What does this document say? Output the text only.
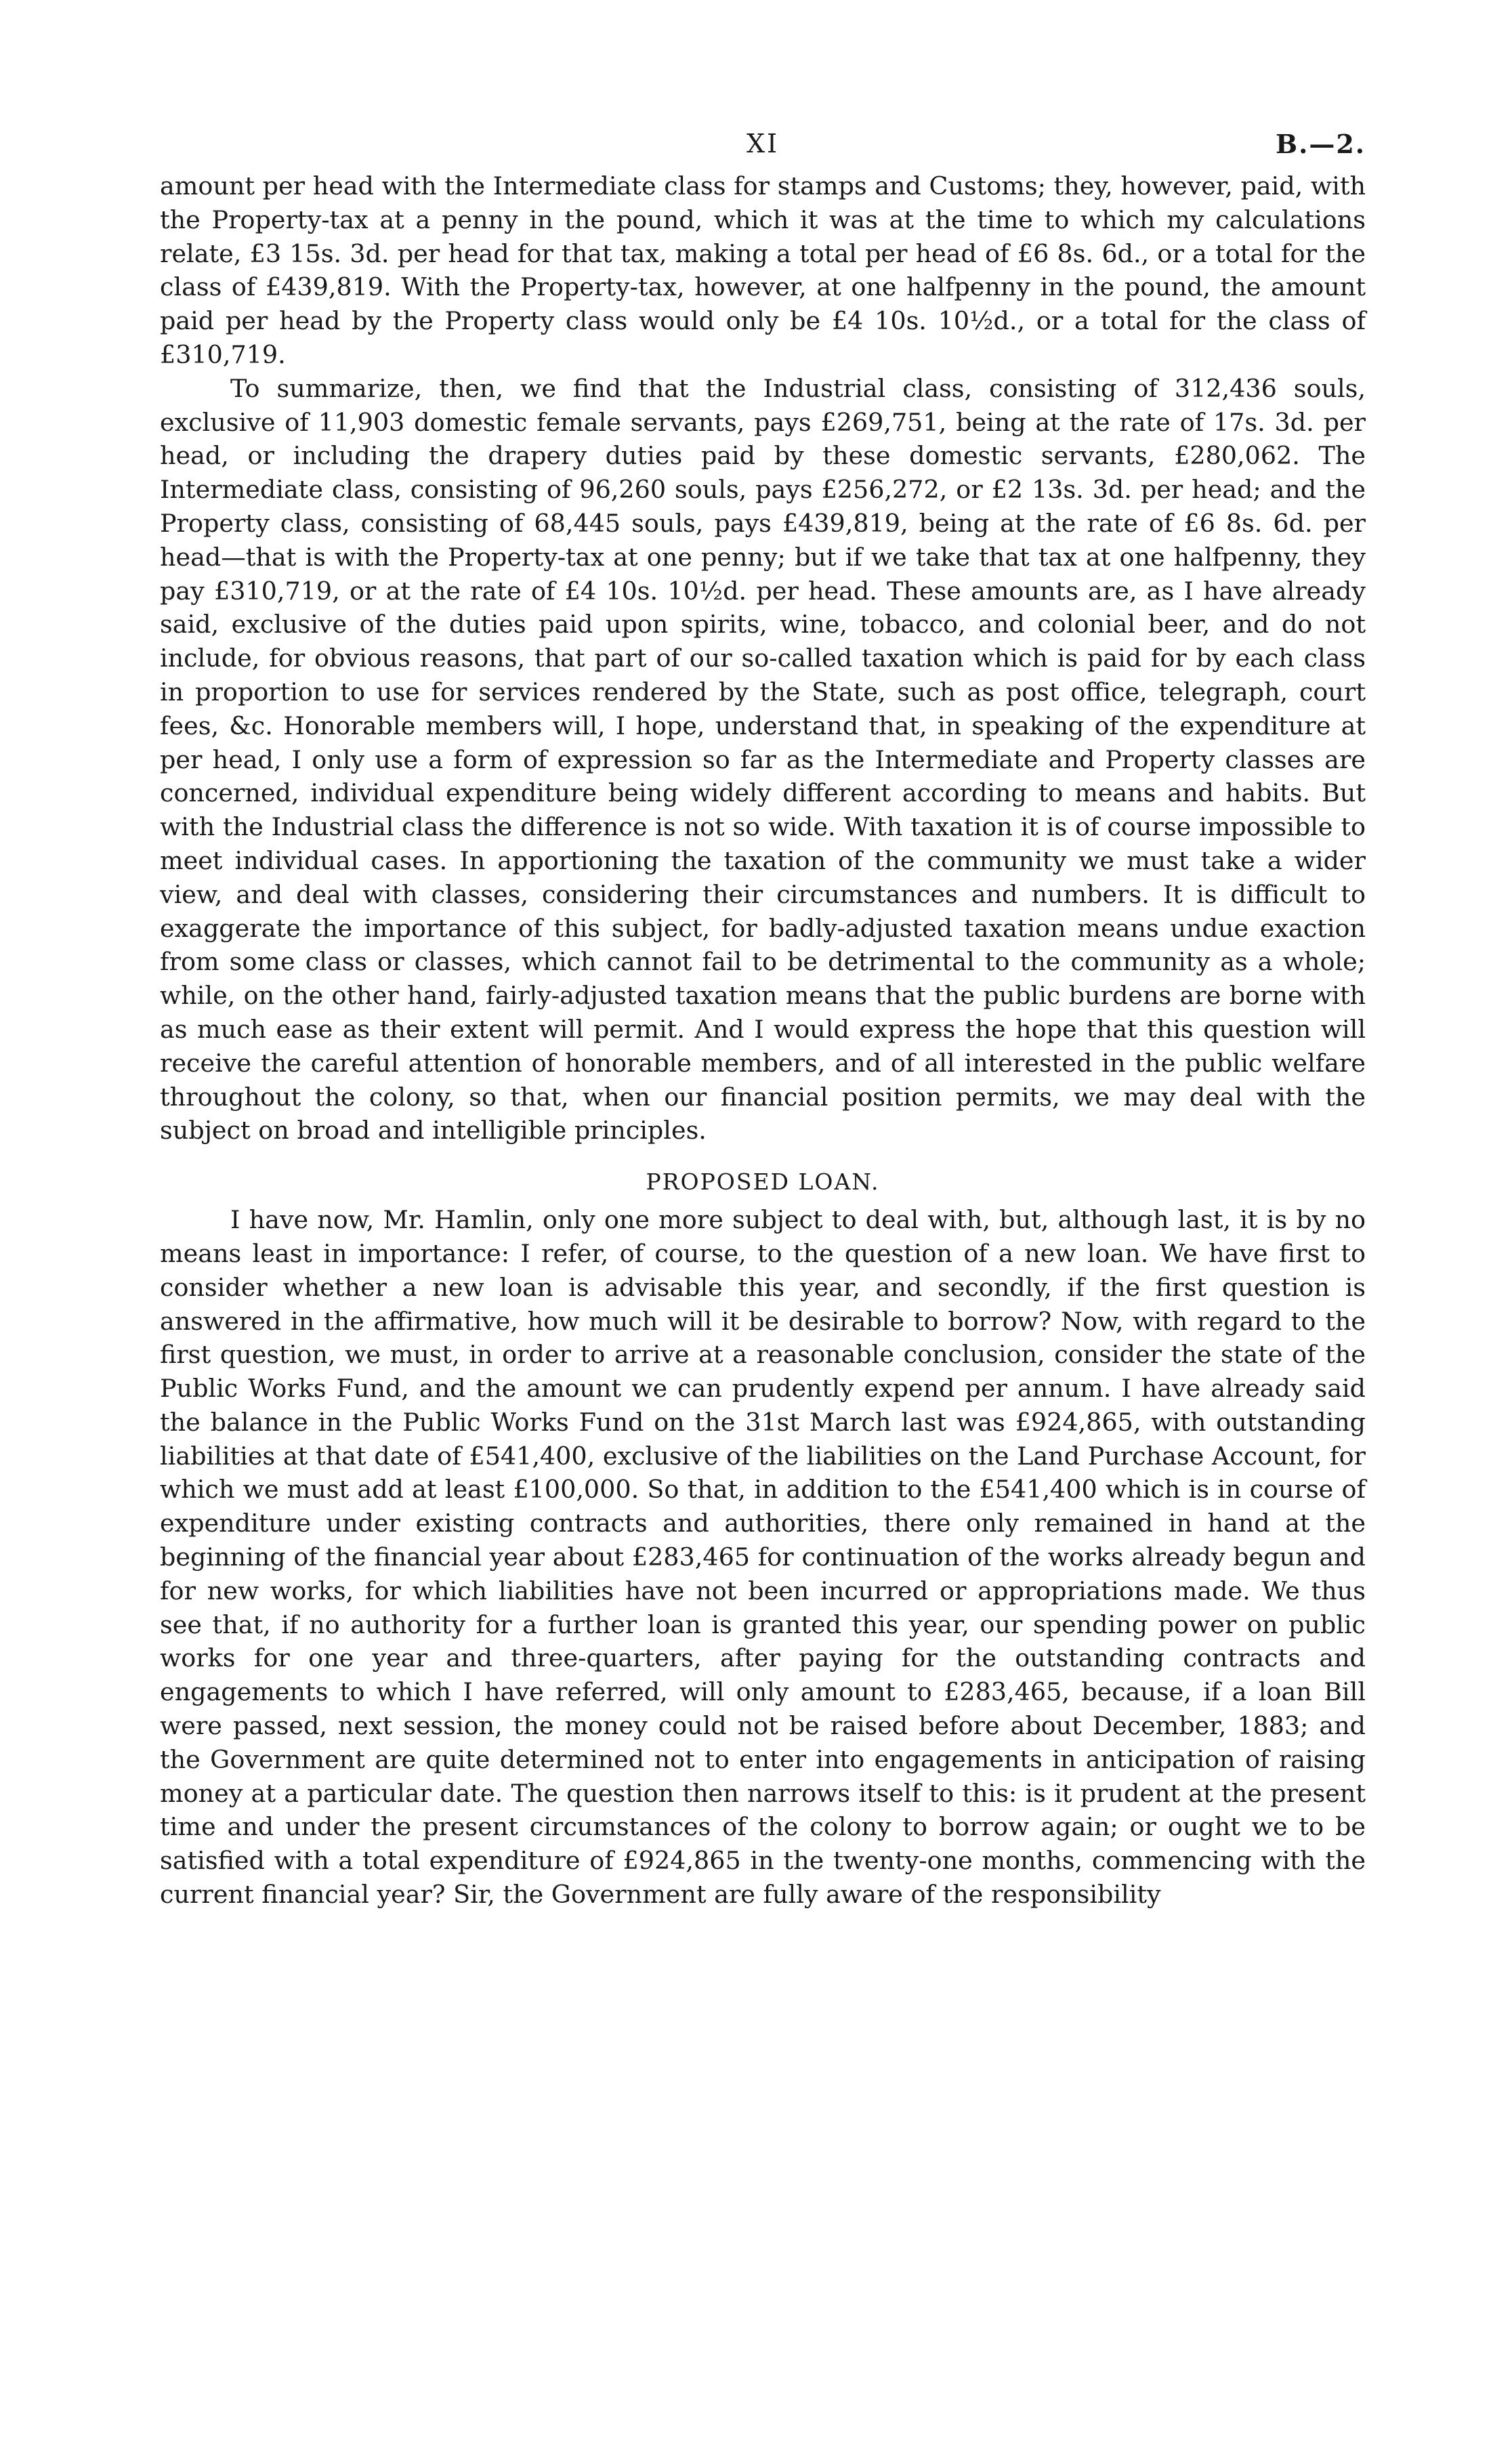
XI	B.—2.

amount per head with the Intermediate class for stamps and Customs; they, however, paid, with the Property-tax at a penny in the pound, which it was at the time to which my calculations relate, £3 15s. 3d. per head for that tax, making a total per head of £6 8s. 6d., or a total for the class of £439,819. With the Property-tax, however, at one halfpenny in the pound, the amount paid per head by the Property class would only be £4 10s. 10½d., or a total for the class of £310,719.

To summarize, then, we find that the Industrial class, consisting of 312,436 souls, exclusive of 11,903 domestic female servants, pays £269,751, being at the rate of 17s. 3d. per head, or including the drapery duties paid by these domestic servants, £280,062. The Intermediate class, consisting of 96,260 souls, pays £256,272, or £2 13s. 3d. per head; and the Property class, consisting of 68,445 souls, pays £439,819, being at the rate of £6 8s. 6d. per head—that is with the Property-tax at one penny; but if we take that tax at one halfpenny, they pay £310,719, or at the rate of £4 10s. 10½d. per head. These amounts are, as I have already said, exclusive of the duties paid upon spirits, wine, tobacco, and colonial beer, and do not include, for obvious reasons, that part of our so-called taxation which is paid for by each class in proportion to use for services rendered by the State, such as post office, telegraph, court fees, &c. Honorable members will, I hope, understand that, in speaking of the expenditure at per head, I only use a form of expression so far as the Intermediate and Property classes are concerned, individual expenditure being widely different according to means and habits. But with the Industrial class the difference is not so wide. With taxation it is of course impossible to meet individual cases. In apportioning the taxation of the community we must take a wider view, and deal with classes, considering their circumstances and numbers. It is difficult to exaggerate the importance of this subject, for badly-adjusted taxation means undue exaction from some class or classes, which cannot fail to be detrimental to the community as a whole; while, on the other hand, fairly-adjusted taxation means that the public burdens are borne with as much ease as their extent will permit. And I would express the hope that this question will receive the careful attention of honorable members, and of all interested in the public welfare throughout the colony, so that, when our financial position permits, we may deal with the subject on broad and intelligible principles.

PROPOSED LOAN.

I have now, Mr. Hamlin, only one more subject to deal with, but, although last, it is by no means least in importance: I refer, of course, to the question of a new loan. We have first to consider whether a new loan is advisable this year, and secondly, if the first question is answered in the affirmative, how much will it be desirable to borrow? Now, with regard to the first question, we must, in order to arrive at a reasonable conclusion, consider the state of the Public Works Fund, and the amount we can prudently expend per annum. I have already said the balance in the Public Works Fund on the 31st March last was £924,865, with outstanding liabilities at that date of £541,400, exclusive of the liabilities on the Land Purchase Account, for which we must add at least £100,000. So that, in addition to the £541,400 which is in course of expenditure under existing contracts and authorities, there only remained in hand at the beginning of the financial year about £283,465 for continuation of the works already begun and for new works, for which liabilities have not been incurred or appropriations made. We thus see that, if no authority for a further loan is granted this year, our spending power on public works for one year and three-quarters, after paying for the outstanding contracts and engagements to which I have referred, will only amount to £283,465, because, if a loan Bill were passed, next session, the money could not be raised before about December, 1883; and the Government are quite determined not to enter into engagements in anticipation of raising money at a particular date. The question then narrows itself to this: is it prudent at the present time and under the present circumstances of the colony to borrow again; or ought we to be satisfied with a total expenditure of £924,865 in the twenty-one months, commencing with the current financial year? Sir, the Government are fully aware of the responsibility
